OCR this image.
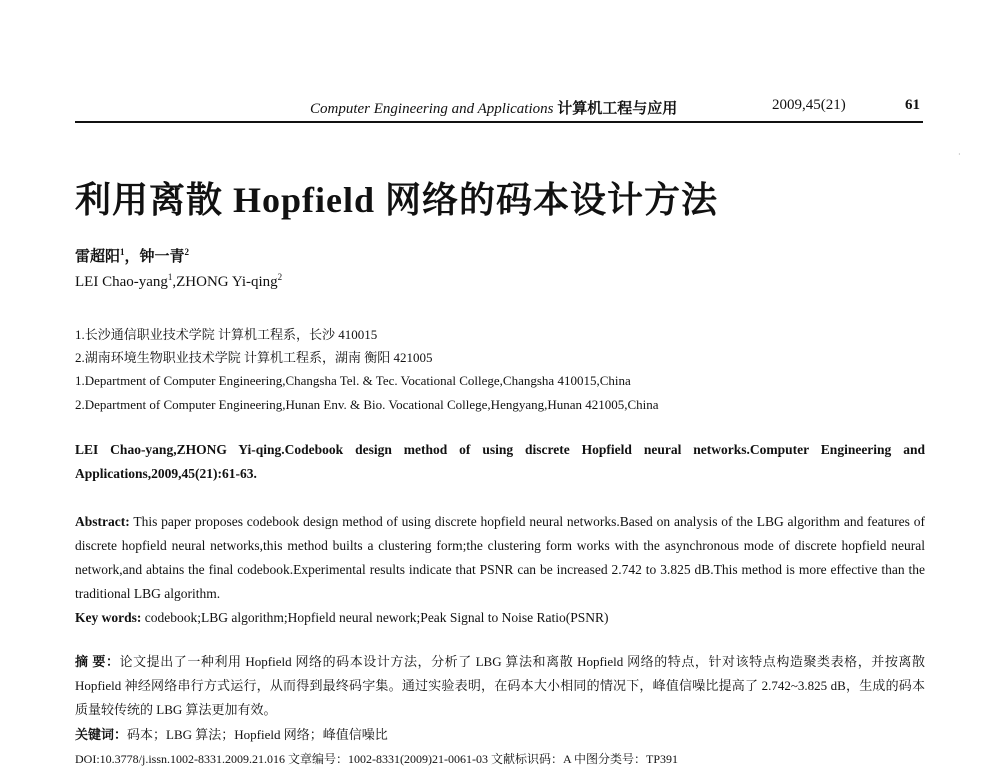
Computer Engineering and Applications 计算机工程与应用	2009,45(21)	61
·
利用离散 Hopfield 网络的码本设计方法
雷超阳$^1$，钟一青$^2$
LEI Chao-yang$^1$,ZHONG Yi-qing$^2$
1.长沙通信职业技术学院 计算机工程系，长沙 410015
2.湖南环境生物职业技术学院 计算机工程系，湖南 衡阳 421005
1.Department of Computer Engineering,Changsha Tel. & Tec. Vocational College,Changsha 410015,China
2.Department of Computer Engineering,Hunan Env. & Bio. Vocational College,Hengyang,Hunan 421005,China
LEI Chao-yang,ZHONG Yi-qing.Codebook design method of using discrete Hopfield neural networks.Computer Engineering and Applications,2009,45(21):61-63.
Abstract: This paper proposes codebook design method of using discrete hopfield neural networks.Based on analysis of the LBG algorithm and features of discrete hopfield neural networks,this method builts a clustering form;the clustering form works with the asynchronous mode of discrete hopfield neural network,and abtains the final codebook.Experimental results indicate that PSNR can be increased 2.742 to 3.825 dB.This method is more effective than the traditional LBG algorithm.
Key words: codebook;LBG algorithm;Hopfield neural nework;Peak Signal to Noise Ratio(PSNR)
摘 要：论文提出了一种利用 Hopfield 网络的码本设计方法，分析了 LBG 算法和离散 Hopfield 网络的特点，针对该特点构造聚类表格，并按离散 Hopfield 神经网络串行方式运行，从而得到最终码字集。通过实验表明，在码本大小相同的情况下，峰值信噪比提高了 2.742~3.825 dB，生成的码本质量较传统的 LBG 算法更加有效。
关键词：码本；LBG 算法；Hopfield 网络；峰值信噪比
DOI:10.3778/j.issn.1002-8331.2009.21.016 文章编号：1002-8331(2009)21-0061-03 文献标识码：A 中图分类号：TP391
